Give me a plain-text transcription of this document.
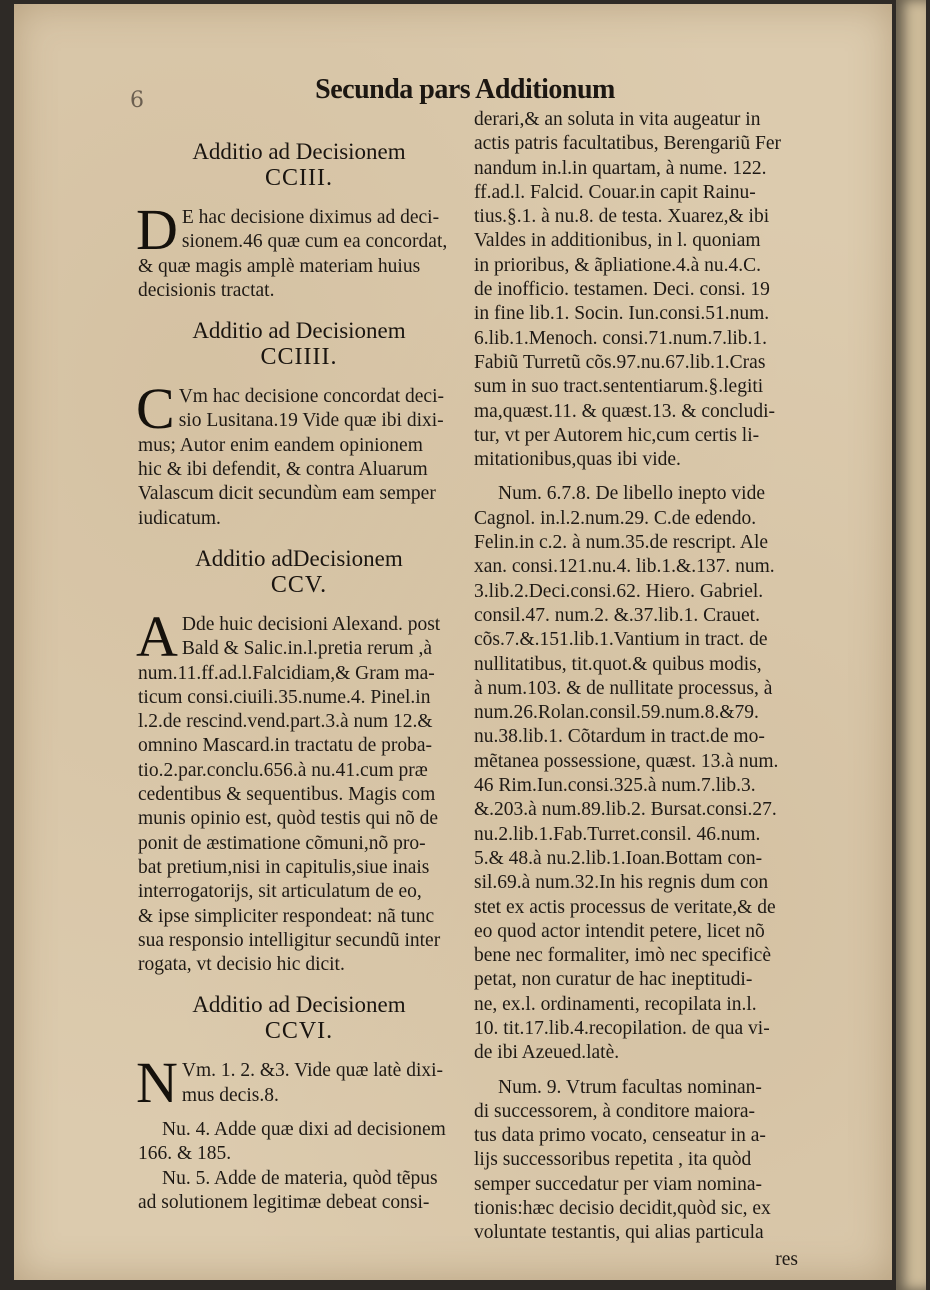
6	Secunda pars Additionum
Additio ad Decisionem
CCIII.
D E hac decisione diximus ad deci-
sionem.46 quæ cum ea concordat,
& quæ magis amplè materiam huius
decisionis tractat.
Additio ad Decisionem
CCIIII.
C Vm hac decisione concordat deci-
sio Lusitana.19 Vide quæ ibi dixi-
mus; Autor enim eandem opinionem
hic & ibi defendit, & contra Aluarum
Valascum dicit secundùm eam semper
iudicatum.
Additio adDecisionem
CCV.
A Dde huic decisioni Alexand. post
Bald & Salic.in.l.pretia rerum ,à
num.11.ff.ad.l.Falcidiam,& Gram ma-
ticum consi.ciuili.35.nume.4. Pinel.in
l.2.de rescind.vend.part.3.à num 12.&
omnino Mascard.in tractatu de proba-
tio.2.par.conclu.656.à nu.41.cum præ
cedentibus & sequentibus. Magis com
munis opinio est, quòd testis qui nõ de
ponit de æstimatione cõmuni,nõ pro-
bat pretium,nisi in capitulis,siue inais
interrogatorijs, sit articulatum de eo,
& ipse simpliciter respondeat: nã tunc
sua responsio intelligitur secundũ inter
rogata, vt decisio hic dicit.
Additio ad Decisionem
CCVI.
N Vm. 1. 2. &3. Vide quæ latè dixi-
mus decis.8.
Nu. 4. Adde quæ dixi ad decisionem
166. & 185.
Nu. 5. Adde de materia, quòd tẽpus
ad solutionem legitimæ debeat consi-
derari,& an soluta in vita augeatur in
actis patris facultatibus, Berengariũ Fer
nandum in.l.in quartam, à nume. 122.
ff.ad.l. Falcid. Couar.in capit Rainu-
tius.§.1. à nu.8. de testa. Xuarez,& ibi
Valdes in additionibus, in l. quoniam
in prioribus, & ãpliatione.4.à nu.4.C.
de inofficio. testamen. Deci. consi. 19
in fine lib.1. Socin. Iun.consi.51.num.
6.lib.1.Menoch. consi.71.num.7.lib.1.
Fabiũ Turretũ cõs.97.nu.67.lib.1.Cras
sum in suo tract.sententiarum.§.legiti
ma,quæst.11. & quæst.13. & concludi-
tur, vt per Autorem hic,cum certis li-
mitationibus,quas ibi vide.
Num. 6.7.8. De libello inepto vide
Cagnol. in.l.2.num.29. C.de edendo.
Felin.in c.2. à num.35.de rescript. Ale
xan. consi.121.nu.4. lib.1.&.137. num.
3.lib.2.Deci.consi.62. Hiero. Gabriel.
consil.47. num.2. &.37.lib.1. Crauet.
cõs.7.&.151.lib.1.Vantium in tract. de
nullitatibus, tit.quot.& quibus modis,
à num.103. & de nullitate processus, à
num.26.Rolan.consil.59.num.8.&79.
nu.38.lib.1. Cõtardum in tract.de mo-
mẽtanea possessione, quæst. 13.à num.
46 Rim.Iun.consi.325.à num.7.lib.3.
&.203.à num.89.lib.2. Bursat.consi.27.
nu.2.lib.1.Fab.Turret.consil. 46.num.
5.& 48.à nu.2.lib.1.Ioan.Bottam con-
sil.69.à num.32.In his regnis dum con
stet ex actis processus de veritate,& de
eo quod actor intendit petere, licet nõ
bene nec formaliter, imò nec specificè
petat, non curatur de hac ineptitudi-
ne, ex.l. ordinamenti, recopilata in.l.
10. tit.17.lib.4.recopilation. de qua vi-
de ibi Azeued.latè.
Num. 9. Vtrum facultas nominan-
di successorem, à conditore maiora-
tus data primo vocato, censeatur in a-
lijs successoribus repetita , ita quòd
semper succedatur per viam nomina-
tionis:hæc decisio decidit,quòd sic, ex
voluntate testantis, qui alias particula
res
